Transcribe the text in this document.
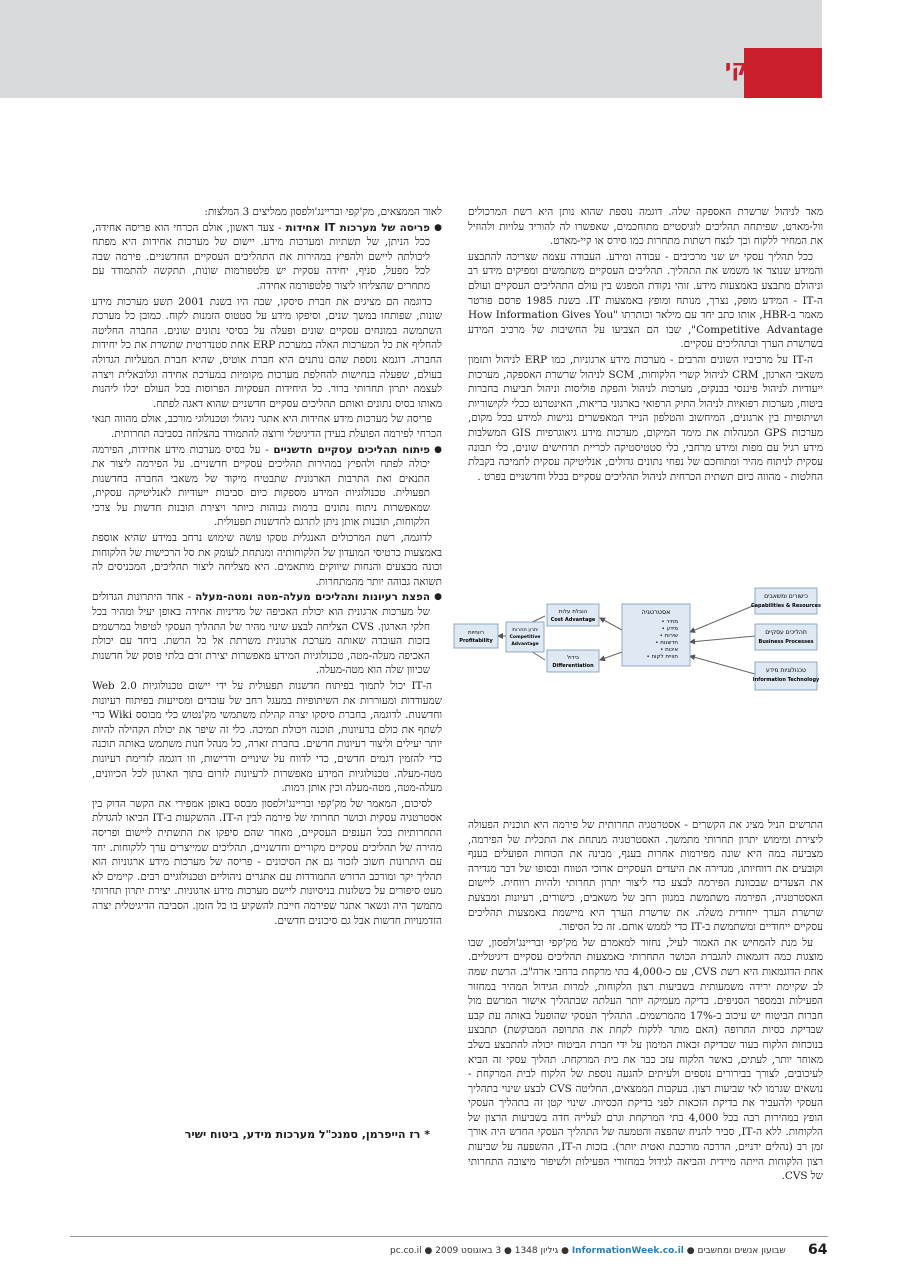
IT עסקי

מאד לניהול שרשרת האספקה שלה. דוגמה נוספת שהוא נותן היא רשת המרכולים וול-מארט, שפיתחה תהליכים לוגיסטיים מתוחכמים, שאפשרו לה להוריד עלויות ולהוזיל את המחיר ללקוח וכך לנצח רשתות מתחרות כמו סירס או קיי-מארט.

ככל תהליך עסקי יש שני מרכיבים - עבודה ומידע. העבודה עצמה שצריכה להתבצע והמידע שנוצר או משמש את התהליך. תהליכים העסקיים משתמשים ומפיקים מידע רב וניהולם מתבצע באמצעות מידע. זוהי נקודת המפגש בין עולם התהליכים העסקיים ועולם ה-IT - המידע מופק, נצרך, מנותח ומופץ באמצעות IT. בשנת 1985 פרסם פורטר מאמר ב-HBR, אותו כתב יחד עם מילאר וכותרתו "How Information Gives You Competitive Advantage", שבו הם הצביעו על החשיבות של מרכיב המידע בשרשרת הערך ובתהליכים עסקיים.

ה-IT על מרכיביו השונים והרבים - מערכות מידע ארגוניות, כמו ERP לניהול ותזמון משאבי הארגון, CRM לניהול קשרי הלקוחות, SCM לניהול שרשרת האספקה, מערכות ייעודיות לניהול פיננסי בבנקים, מערכות לניהול והפקת פוליסות וניהול תביעות בחברות ביטוח, מערכות רפואיות לניהול התיק הרפואי בארגוני בריאות, האינטרנט ככלי לקישוריות ושיתופיות בין ארגונים, המיחשוב והטלפון הנייד המאפשרים נגישות למידע בכל מקום, מערכות GPS המנהלות את מימד המיקום, מערכות מידע גיאוגרפיות GIS המשלבות מידע רגיל עם מפות ומידע מרחבי, כלי סטטיסטיקה לכריית תרחישים שונים, כלי תבונה עסקית לניתוח מהיר ומתוחכם של נפחי נתונים גדולים, אנליטיקה עסקית לתמיכה בקבלת החלטות - מהווה כיום תשתית הכרחית לניהול תהליכים עסקיים בכלל וחדשניים בפרט .

כישורים ומשאבים
Capabilities & Resources
תהליכים עסקיים
Business Processes
טכנולוגיות מידע
Information Technology
אסטרטגיה
• מחיר
• מידע
• שירות
• חדשנות
• איכות
• חוויית לקוח
הובלת עלות
Cost Advantage
בידול
Differentiation
יתרון תחרותי
Competitive
Advantage
רווחיות
Profitability

התרשים הניל מציג את הקשרים - אסטרטגיה תחרותית של פירמה היא תוכנית הפעולה ליצירת ומימוש יתרון תחרותי מתמשך. האסטרטגיה מנתחת את התכלית של הפירמה, מצביעה במה היא שונה מפירמות אחרות בענף, מבינה את הכוחות הפועלים בענף וקובעים את רווחיותו, מגדירה את היעדים העסקיים ארוכי הטווח ובסופו של דבר מגדירה את הצעדים שבכוונת הפירמה לבצע כדי ליצור יתרון תחרותי ולהיות רווחית. ליישום האסטרטגיה, הפירמה משתמשת במגוון רחב של משאבים, כישורים, רעיונות ומבצעת שרשרת הערך ייחודית משלה. את שרשרת הערך היא מיישמת באמצעות תהליכים עסקיים ייחודיים ומשתמשת ב-IT כדי לממש אותם. זה כל הסיפור.

על מנת להמחיש את האמור לעיל, נחזור למאמרם של מק'קפי ובריינג'ולפסון, שבו מוצגות כמה דוגמאות להגברת הכושר התחרותי באמצעות תהליכים עסקיים דיגיטליים. אחת הדוגמאות היא רשת CVS, עם כ-4,000 בתי מרקחת ברחבי ארה"ב. הרשת שמה לב שקיימת ירידה משמעותית בשביעות רצון הלקוחות, למרות הגידול המהיר במחזור הפעילות ובמספר הסניפים. בדיקה מעמיקה יותר העלתה שבתהליך אישור המרשם מול חברות הביטוח יש עיכוב ב-17% מהמרשמים. התהליך העסקי שהופעל באותה עת קבע שבדיקת כסיות התרופה (האם מותר ללקוח לקחת את התרופה המבוקשת) תתבצע בנוכחות הלקוח בעוד שבדיקת זכאות המימון על ידי חברת הביטוח יכולה להתבצע בשלב מאוחר יותר, לעתים, כאשר הלקוח עזב כבר את בית המרקחת. תהליך עסקי זה הביא לעיכובים, לצורך בבירורים נוספים ולעיתים להגעה נוספת של הלקוח לבית המרקחת - נושאים שגרמו לאי שביעות רצון. בעקבות הממצאים, החליטה CVS לבצע שינוי בתהליך העסקי ולהעביר את בדיקת הזכאות לפני בדיקת הכסיות. שינוי קטן זה בתהליך העסקי הופץ במהירות רבה בכל 4,000 בתי המרקחת וגרם לעלייה חדה בשביעות הרצון של הלקוחות. ללא ה-IT, סביר להניח שהפצה והטמעה של התהליך העסקי החדש היה אורך זמן רב (נהלים ידניים, הדרכה מורכבת ואטית יותר). בזכות ה-IT, ההשפעה על שביעות רצון הלקוחות הייתה מיידית והביאה לגידול במחזורי הפעילות ולשיפור מיצובה התחרותי של CVS.

לאור הממצאים, מק'קפי ובריינג'ולפסון ממליצים 3 המלצות:

● פריסה של מערכות IT אחידות - צעד ראשון, אולם הכרחי הוא פריסה אחידה, ככל הניתן, של תשתיות ומערכות מידע. יישום של מערכות אחידות היא מפתח ליכולתה ליישם ולהפיץ במהירות את התהליכים העסקיים החדשניים. פירמה שבה לכל מפעל, סניף, יחידה עסקית יש פלטפורמות שונות, תתקשה להתמודד עם מתחרים שהצליחו ליצור פלטפורמה אחידה.

כדוגמה הם מציגים את חברת סיסקו, שבה היו בשנת 2001 תשע מערכות מידע שונות, שפותחו במשך שנים, וסיפקו מידע על סטטוס הזמנות לקוח. כמובן כל מערכת השתמשה במונחים עסקיים שונים ופעלה על בסיסי נתונים שונים. החברה החליטה להחליף את כל המערכות האלה במערכת ERP אחת סטנדרטית שתשרת את כל יחידות החברה. דוגמא נוספת שהם נותנים היא חברת אוטיס, שהיא חברת המעליות הגדולה בעולם, שפעלה בנחישות להחלפת מערכות מקומיות במערכת אחידה וגלובאלית ויצרה לעצמה יתרון תחרותי ברור. כל היחידות העסקיות הפרוסות בכל העולם יכלו ליהנות מאותו בסיס נתונים ואותם תהליכים עסקיים חדשניים שהוא דאגה לפתח.

פריסה של מערכות מידע אחידות היא אתגר ניהולי וטכנולוגי מורכב, אולם מהווה תנאי הכרחי לפירמה הפועלת בעידן הדיגיטלי ורוצה להתמודד בהצלחה בסביבה תחרותית.

● פיתוח תהליכים עסקיים חדשניים - על בסיס מערכות מידע אחידות, הפירמה יכולה לפתח ולהפיץ במהירות תהליכים עסקיים חדשניים. על הפירמה ליצור את התנאים ואת התרבות הארגונית שתבטיח מיקוד של משאבי החברה בחדשנות תפעולית. טכנולוגיות המידע מספקות כיום סביבות ייעודיות לאנליטיקה עסקית, שמאפשרות ניתוח נתונים ברמות גבוהות כיותר ויצירת תובנות חדשות על צרכי הלקוחות, תובנות אותן ניתן לתרגם לחדשנות תפעולית.

לדוגמה, רשת המרכולים האנגלית טסקו עושה שימוש נרחב במידע שהיא אוספת באמצעות כרטיסי המועדון של הלקוחותיה ומנתחת לעומק את סל הרכישות של הלקוחות וכונה מבצעים והנחות שיווקים מותאמים. היא מצליחה ליצור תהליכים, המכניסים לה תשואה גבוהה יותר מהמתחרות.

● הפצת רעיונות ותהליכים מעלה-מטה ומטה-מעלה - אחד היתרונות הגדולים של מערכות ארגונית הוא יכולת האכיפה של מדיניות אחידה באופן יעיל ומהיר בכל חלקי הארגון. CVS הצליחה לבצע שינוי מהיר של התהליך העסקי לטיפול במרשמים בזכות העובדה שאותה מערכת ארגונית משרתת אל כל הרשת. ביחד עם יכולת האכיפה מעלה-מטה, טכנולוגיות המידע מאפשרות יצירת זרם בלתי פוסק של חדשנות שכיוון שלה הוא מטה-מעלה.

ה-IT יכול לתמוך בפיתוח חדשנות תפעולית על ידי יישום טכנולוגיות Web 2.0 שמעודדות ומעוררות את השיתופיות במעגל רחב של עובדים ומסייעות בפיתוח רעיונות וחדשנות. לדוגמה, בחברת סיסקו יצרה קהילת משתמשי מק'נטוש כלי מבוסס Wiki כדי לשתף את כולם ברעיונות, תוכנה ויכולת תמיכה. כלי זה שיפר את יכולת הקהילה להיות יותר יעילים וליצור רעיונות חדשים. בחברת זארה, כל מנהל חנות משתמש באותה תוכנה כדי להזמין דגמים חדשים, כדי לדווח על שינויים ודרישות, וזו דוגמה לזרימת רעיונות מטה-מעלה. טכנולוגיות המידע מאפשרות לרעיונות לזרום בתוך הארגון לכל הכיוונים, מעלה-מטה, מטה-מעלה וכין אותן רמות.

לסיכום, המאמר של מק'קפי ובריינג'ולפסון מבסס באופן אמפירי את הקשר הדוק בין אסטרטגיה עסקית וכושר תחרותי של פירמה לבין ה-IT. ההשקעות ב-IT הביאו להגדלת התחרותיות בכל הענפים העסקיים, מאחר שהם סיפקו את התשתית ליישום ופריסה מהירה של תהליכים עסקיים מקוריים וחדשניים, תהליכים שמייצרים ערך ללקוחות. יחד עם היתרונות חשוב לזכור גם את הסיכונים - פריסה של מערכות מידע ארגוניות הוא תהליך יקר ומורכב הדורש התמודדות עם אתגרים ניהוליים וטכנולוגיים רבים. קיימים לא מעט סיפורים על כשלונות בניסיונות ליישם מערכות מידע ארגוניות. יצירת יתרון תחרותי מתמשך היה ונשאר אתגר שפירמה חייבת להשקיע בו כל הזמן. הסביבה הדיגיטלית יצרה הזדמנויות חדשות אבל גם סיכונים חדשים.

* רז הייפרמן, סמנכ"ל מערכות מידע, ביטוח ישיר
64
שבועון אנשים ומחשבים ● InformationWeek.co.il ● גיליון 1348 ● 3 באוגוסט 2009 ● pc.co.il
